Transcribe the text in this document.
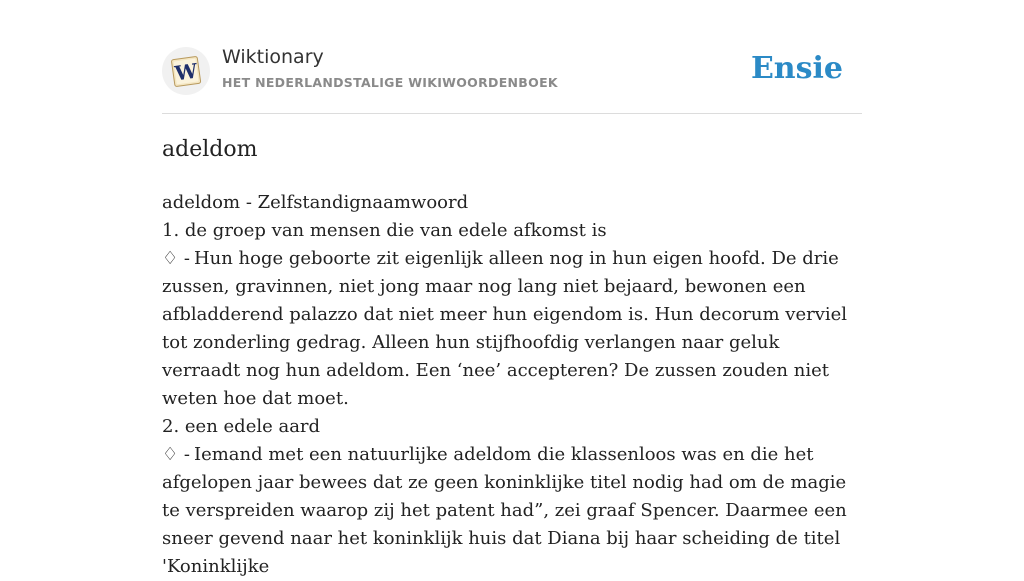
W
Wiktionary
HET NEDERLANDSTALIGE WIKIWOORDENBOEK	Ensie
adeldom

adeldom - Zelfstandignaamwoord

1. de groep van mensen die van edele afkomst is

♢ - Hun hoge geboorte zit eigenlijk alleen nog in hun eigen hoofd. De drie zussen, gravinnen, niet jong maar nog lang niet bejaard, bewonen een afbladderend palazzo dat niet meer hun eigendom is. Hun decorum verviel tot zonderling gedrag. Alleen hun stijfhoofdig verlangen naar geluk verraadt nog hun adeldom. Een ‘nee’ accepteren? De zussen zouden niet weten hoe dat moet.

2. een edele aard

♢ - Iemand met een natuurlijke adeldom die klassenloos was en die het afgelopen jaar bewees dat ze geen koninklijke titel nodig had om de magie te verspreiden waarop zij het patent had”, zei graaf Spencer. Daarmee een sneer gevend naar het koninklijk huis dat Diana bij haar scheiding de titel 'Koninklijke
